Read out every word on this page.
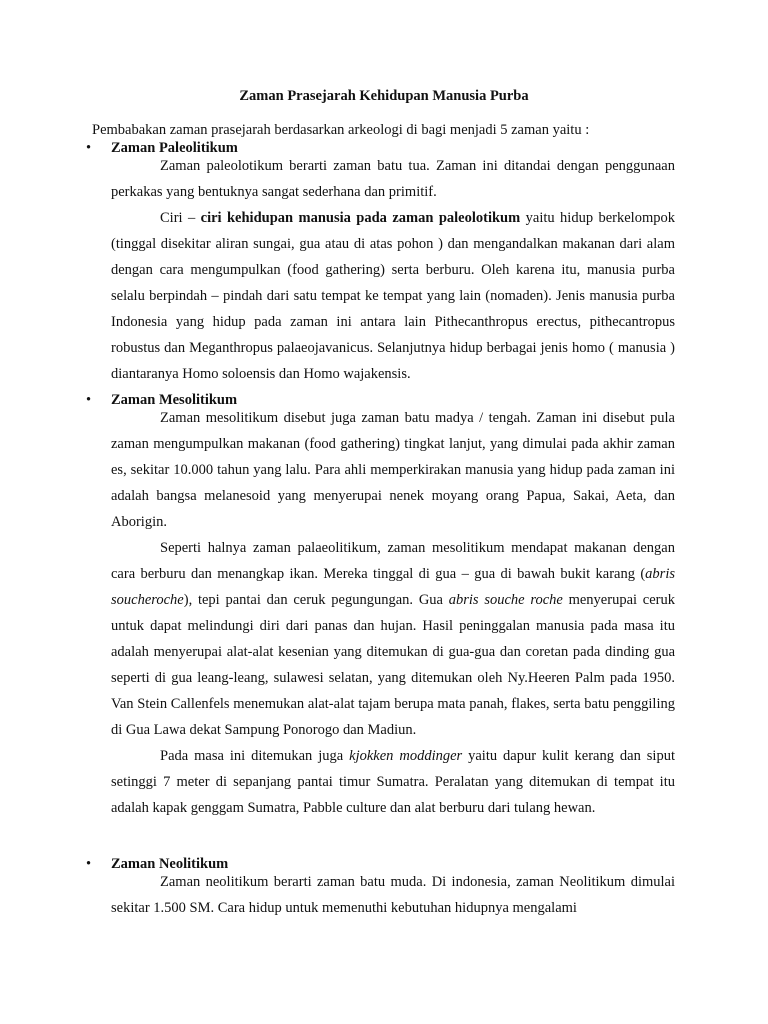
Zaman Prasejarah Kehidupan Manusia Purba
Pembabakan zaman prasejarah berdasarkan arkeologi di bagi menjadi 5 zaman yaitu :
• Zaman Paleolitikum

Zaman paleolotikum berarti zaman batu tua. Zaman ini ditandai dengan penggunaan perkakas yang bentuknya sangat sederhana dan primitif.

Ciri – ciri kehidupan manusia pada zaman paleolotikum yaitu hidup berkelompok (tinggal disekitar aliran sungai, gua atau di atas pohon ) dan mengandalkan makanan dari alam dengan cara mengumpulkan (food gathering) serta berburu. Oleh karena itu, manusia purba selalu berpindah – pindah dari satu tempat ke tempat yang lain (nomaden). Jenis manusia purba Indonesia yang hidup pada zaman ini antara lain Pithecanthropus erectus, pithecantropus robustus dan Meganthropus palaeojavanicus. Selanjutnya hidup berbagai jenis homo ( manusia ) diantaranya Homo soloensis dan Homo wajakensis.

• Zaman Mesolitikum

Zaman mesolitikum disebut juga zaman batu madya / tengah. Zaman ini disebut pula zaman mengumpulkan makanan (food gathering) tingkat lanjut, yang dimulai pada akhir zaman es, sekitar 10.000 tahun yang lalu. Para ahli memperkirakan manusia yang hidup pada zaman ini adalah bangsa melanesoid yang menyerupai nenek moyang orang Papua, Sakai, Aeta, dan Aborigin.

Seperti halnya zaman palaeolitikum, zaman mesolitikum mendapat makanan dengan cara berburu dan menangkap ikan. Mereka tinggal di gua – gua di bawah bukit karang (abris soucheroche), tepi pantai dan ceruk pegungungan. Gua abris souche roche menyerupai ceruk untuk dapat melindungi diri dari panas dan hujan. Hasil peninggalan manusia pada masa itu adalah menyerupai alat-alat kesenian yang ditemukan di gua-gua dan coretan pada dinding gua seperti di gua leang-leang, sulawesi selatan, yang ditemukan oleh Ny.Heeren Palm pada 1950. Van Stein Callenfels menemukan alat-alat tajam berupa mata panah, flakes, serta batu penggiling di Gua Lawa dekat Sampung Ponorogo dan Madiun.

Pada masa ini ditemukan juga kjokken moddinger yaitu dapur kulit kerang dan siput setinggi 7 meter di sepanjang pantai timur Sumatra. Peralatan yang ditemukan di tempat itu adalah kapak genggam Sumatra, Pabble culture dan alat berburu dari tulang hewan.

• Zaman Neolitikum

Zaman neolitikum berarti zaman batu muda. Di indonesia, zaman Neolitikum dimulai sekitar 1.500 SM. Cara hidup untuk memenuthi kebutuhan hidupnya mengalami
